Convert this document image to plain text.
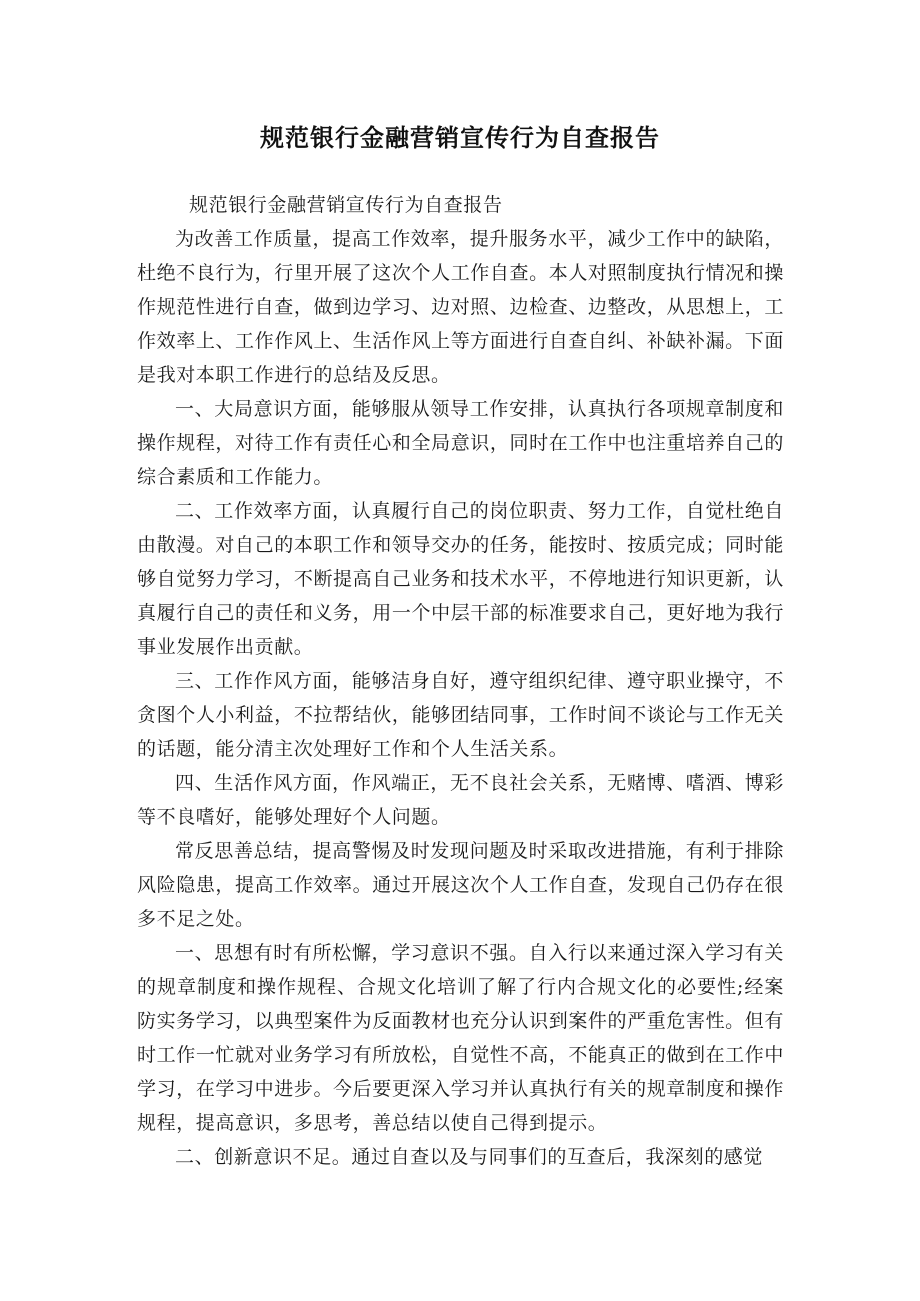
规范银行金融营销宣传行为自查报告

规范银行金融营销宣传行为自查报告

为改善工作质量，提高工作效率，提升服务水平，减少工作中的缺陷，杜绝不良行为，行里开展了这次个人工作自查。本人对照制度执行情况和操作规范性进行自查，做到边学习、边对照、边检查、边整改，从思想上，工作效率上、工作作风上、生活作风上等方面进行自查自纠、补缺补漏。下面是我对本职工作进行的总结及反思。

一、大局意识方面，能够服从领导工作安排，认真执行各项规章制度和操作规程，对待工作有责任心和全局意识，同时在工作中也注重培养自己的综合素质和工作能力。

二、工作效率方面，认真履行自己的岗位职责、努力工作，自觉杜绝自由散漫。对自己的本职工作和领导交办的任务，能按时、按质完成；同时能够自觉努力学习，不断提高自己业务和技术水平，不停地进行知识更新，认真履行自己的责任和义务，用一个中层干部的标准要求自己，更好地为我行事业发展作出贡献。

三、工作作风方面，能够洁身自好，遵守组织纪律、遵守职业操守，不贪图个人小利益，不拉帮结伙，能够团结同事，工作时间不谈论与工作无关的话题，能分清主次处理好工作和个人生活关系。

四、生活作风方面，作风端正，无不良社会关系，无赌博、嗜酒、博彩等不良嗜好，能够处理好个人问题。

常反思善总结，提高警惕及时发现问题及时采取改进措施，有利于排除风险隐患，提高工作效率。通过开展这次个人工作自查，发现自己仍存在很多不足之处。

一、思想有时有所松懈，学习意识不强。自入行以来通过深入学习有关的规章制度和操作规程、合规文化培训了解了行内合规文化的必要性;经案防实务学习，以典型案件为反面教材也充分认识到案件的严重危害性。但有时工作一忙就对业务学习有所放松，自觉性不高，不能真正的做到在工作中学习，在学习中进步。今后要更深入学习并认真执行有关的规章制度和操作规程，提高意识，多思考，善总结以使自己得到提示。

二、创新意识不足。通过自查以及与同事们的互查后，我深刻的感觉
